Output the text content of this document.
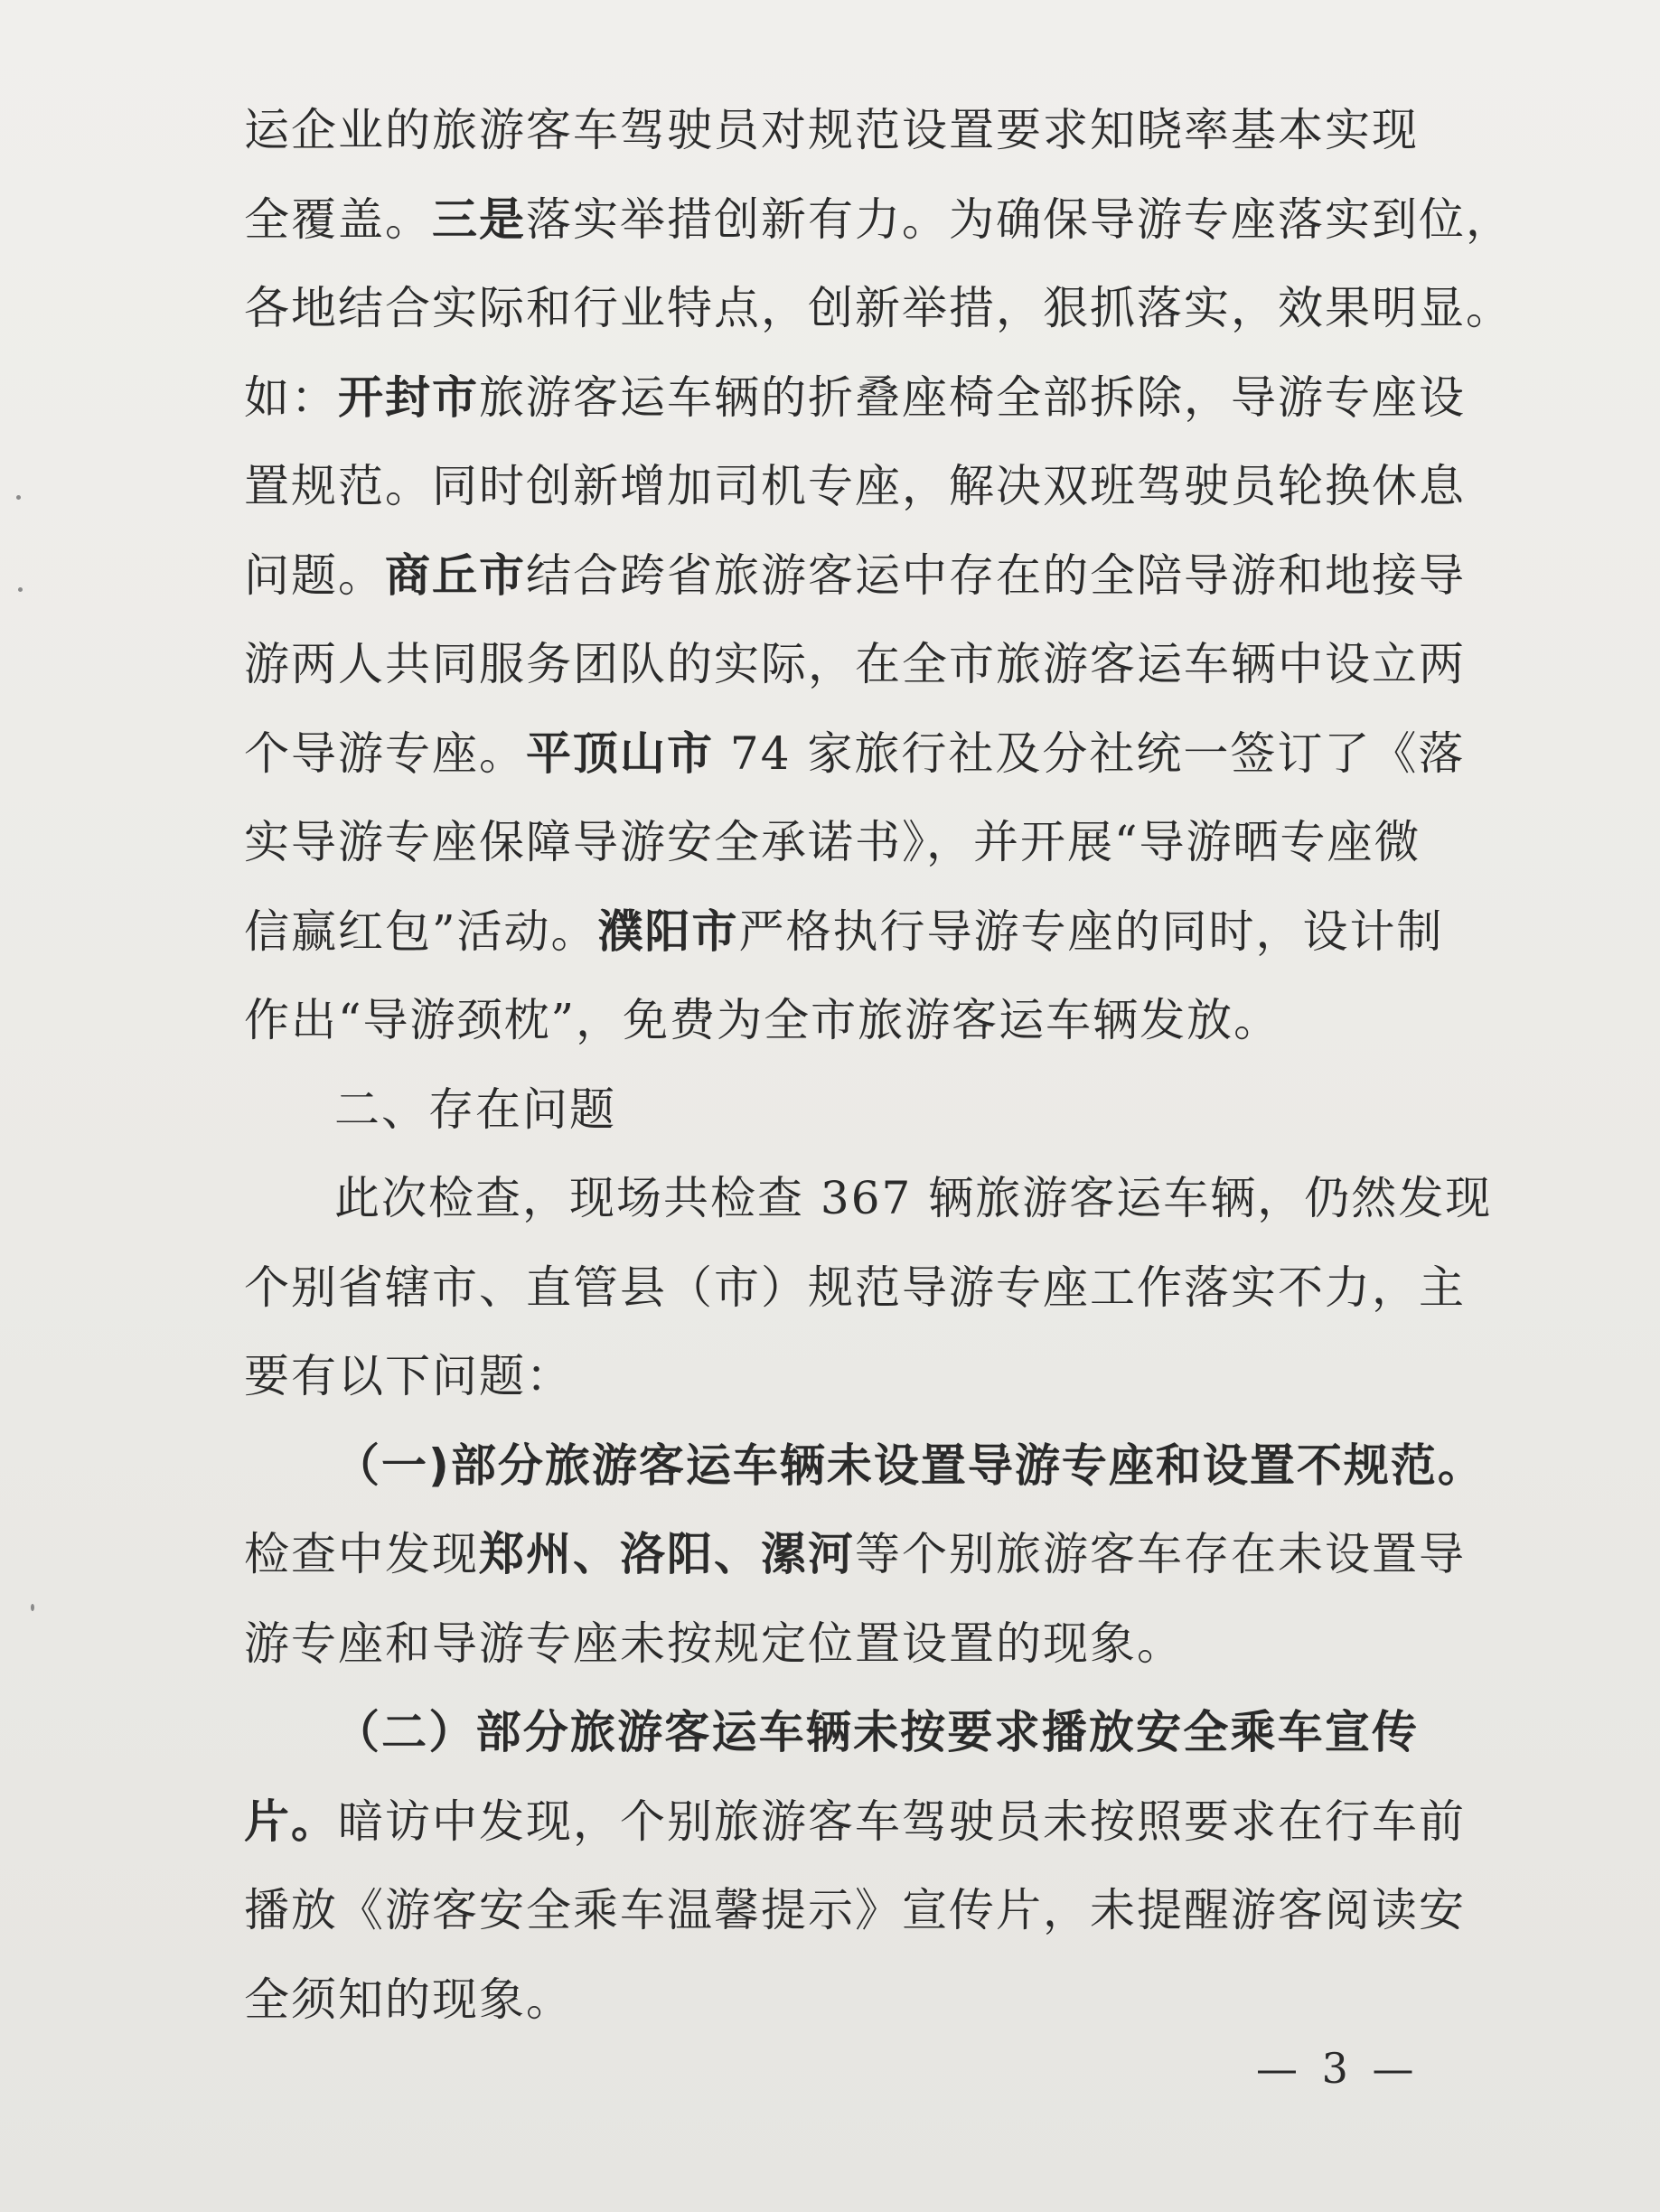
运企业的旅游客车驾驶员对规范设置要求知晓率基本实现
全覆盖。三是落实举措创新有力。为确保导游专座落实到位，
各地结合实际和行业特点，创新举措，狠抓落实，效果明显。
如：开封市旅游客运车辆的折叠座椅全部拆除，导游专座设
置规范。同时创新增加司机专座，解决双班驾驶员轮换休息
问题。商丘市结合跨省旅游客运中存在的全陪导游和地接导
游两人共同服务团队的实际，在全市旅游客运车辆中设立两
个导游专座。平顶山市 74 家旅行社及分社统一签订了《落
实导游专座保障导游安全承诺书》，并开展“导游晒专座微
信赢红包”活动。濮阳市严格执行导游专座的同时，设计制
作出“导游颈枕”，免费为全市旅游客运车辆发放。
二、存在问题
此次检查，现场共检查 367 辆旅游客运车辆，仍然发现
个别省辖市、直管县（市）规范导游专座工作落实不力，主
要有以下问题：
（一)部分旅游客运车辆未设置导游专座和设置不规范。
检查中发现郑州、洛阳、漯河等个别旅游客车存在未设置导
游专座和导游专座未按规定位置设置的现象。
（二）部分旅游客运车辆未按要求播放安全乘车宣传
片。暗访中发现，个别旅游客车驾驶员未按照要求在行车前
播放《游客安全乘车温馨提示》宣传片，未提醒游客阅读安
全须知的现象。
— 3 —
